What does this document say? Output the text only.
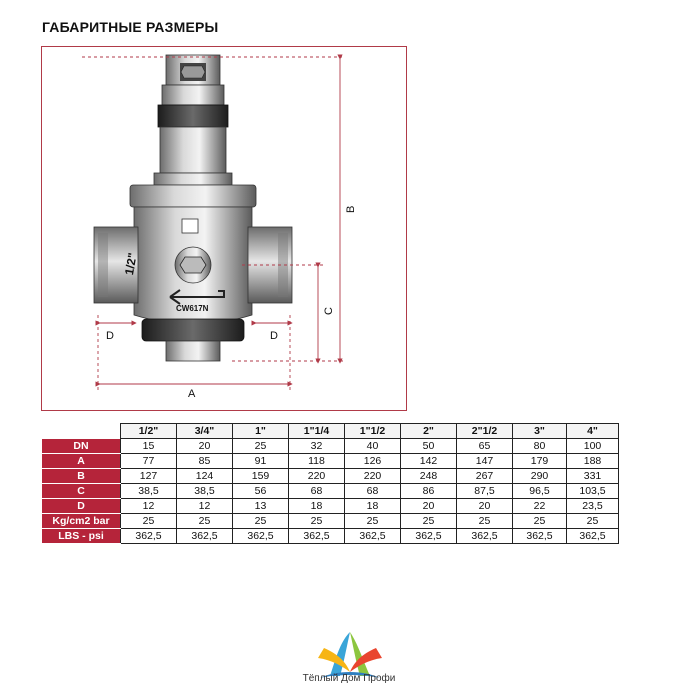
ГАБАРИТНЫЕ РАЗМЕРЫ
CW617N
1/2"
D	D
A
C
B
	1/2"	3/4"	1"	1"1/4	1"1/2	2"	2"1/2	3"	4"
DN	15	20	25	32	40	50	65	80	100
A	77	85	91	118	126	142	147	179	188
B	127	124	159	220	220	248	267	290	331
C	38,5	38,5	56	68	68	86	87,5	96,5	103,5
D	12	12	13	18	18	20	20	22	23,5
Kg/cm2 bar	25	25	25	25	25	25	25	25	25
LBS - psi	362,5	362,5	362,5	362,5	362,5	362,5	362,5	362,5	362,5
Тёплый Дом Профи
